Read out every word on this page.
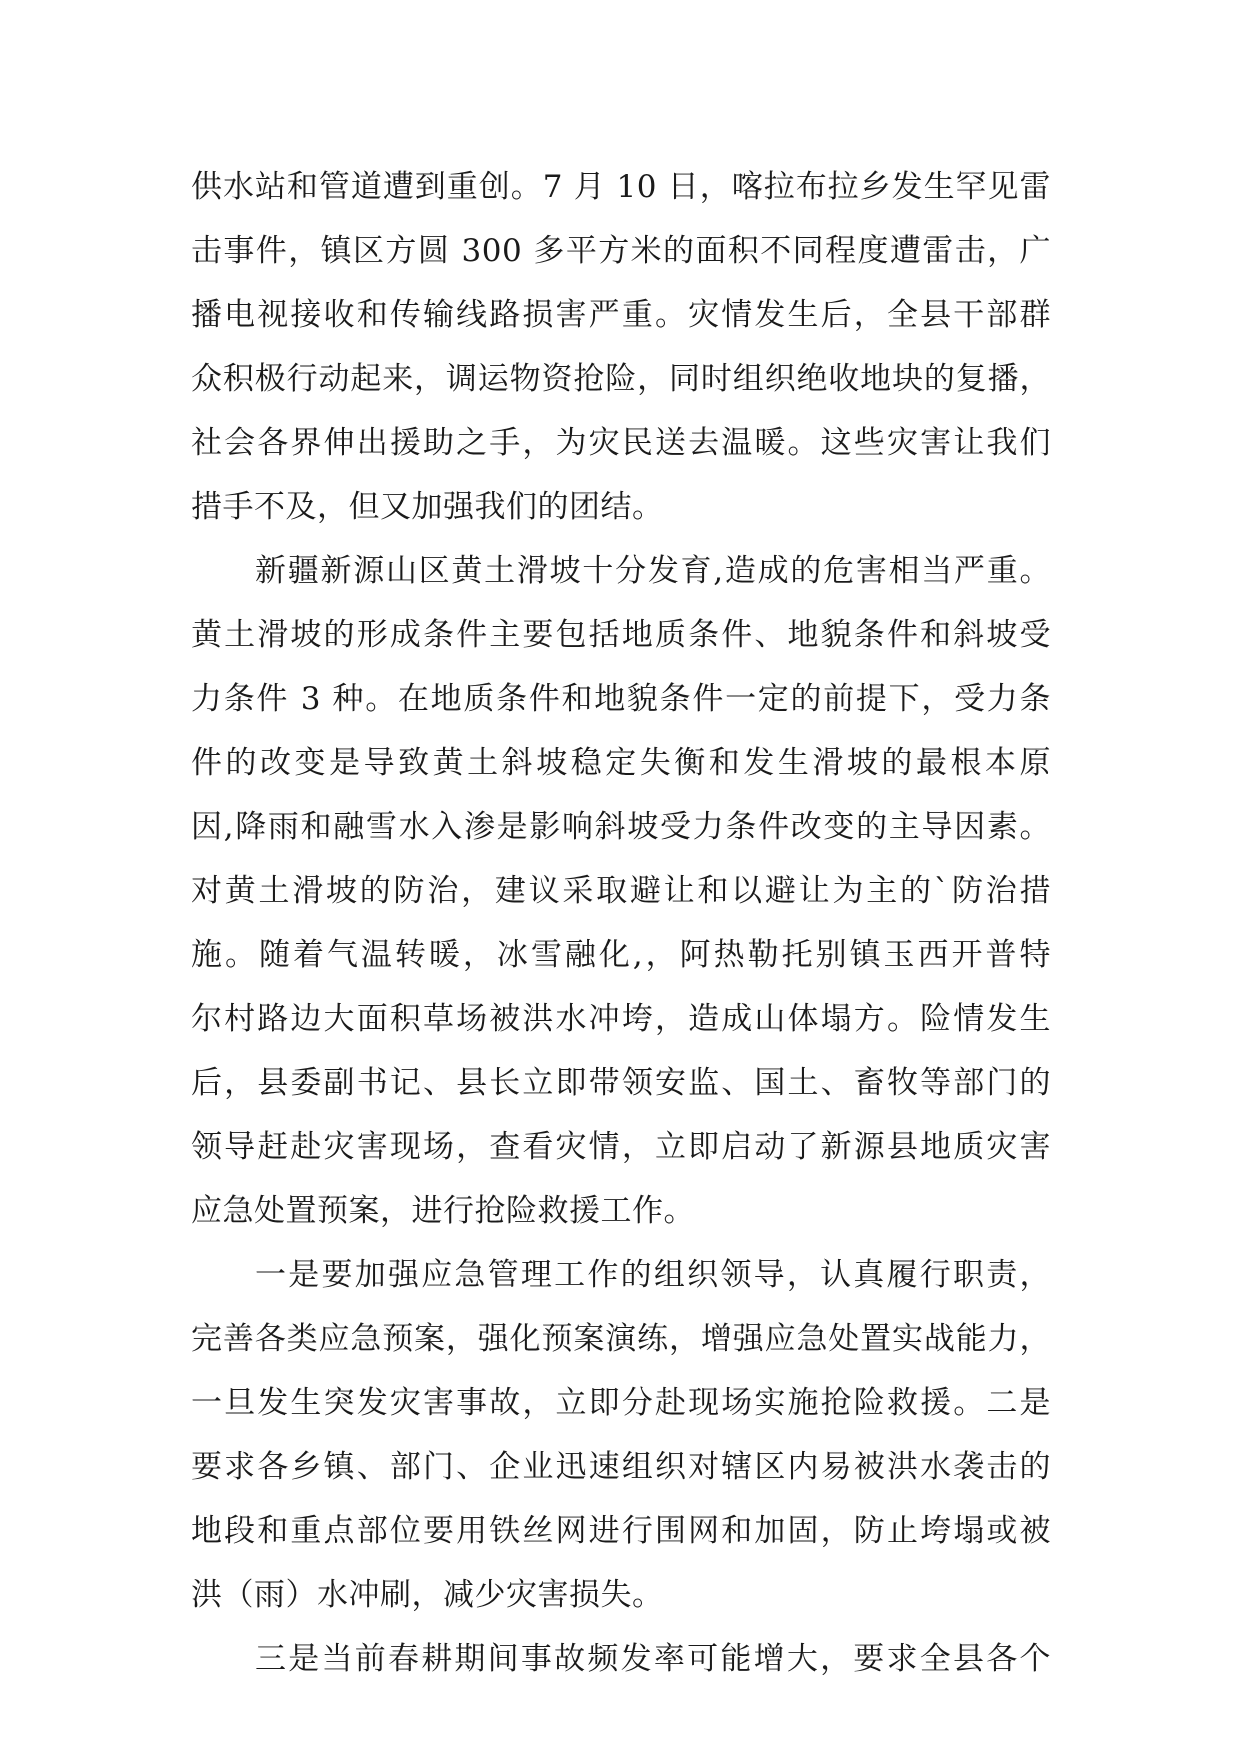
供水站和管道遭到重创。7 月 10 日，喀拉布拉乡发生罕见雷
击事件，镇区方圆 300 多平方米的面积不同程度遭雷击，广
播电视接收和传输线路损害严重。灾情发生后，全县干部群
众积极行动起来，调运物资抢险，同时组织绝收地块的复播，
社会各界伸出援助之手，为灾民送去温暖。这些灾害让我们
措手不及，但又加强我们的团结。
新疆新源山区黄土滑坡十分发育,造成的危害相当严重。
黄土滑坡的形成条件主要包括地质条件、地貌条件和斜坡受
力条件 3 种。在地质条件和地貌条件一定的前提下，受力条
件的改变是导致黄土斜坡稳定失衡和发生滑坡的最根本原
因,降雨和融雪水入渗是影响斜坡受力条件改变的主导因素。
对黄土滑坡的防治，建议采取避让和以避让为主的`防治措
施。随着气温转暖，冰雪融化,，阿热勒托别镇玉西开普特
尔村路边大面积草场被洪水冲垮，造成山体塌方。险情发生
后，县委副书记、县长立即带领安监、国土、畜牧等部门的
领导赶赴灾害现场，查看灾情，立即启动了新源县地质灾害
应急处置预案，进行抢险救援工作。
一是要加强应急管理工作的组织领导，认真履行职责，
完善各类应急预案，强化预案演练，增强应急处置实战能力，
一旦发生突发灾害事故，立即分赴现场实施抢险救援。二是
要求各乡镇、部门、企业迅速组织对辖区内易被洪水袭击的
地段和重点部位要用铁丝网进行围网和加固，防止垮塌或被
洪（雨）水冲刷，减少灾害损失。
三是当前春耕期间事故频发率可能增大，要求全县各个
